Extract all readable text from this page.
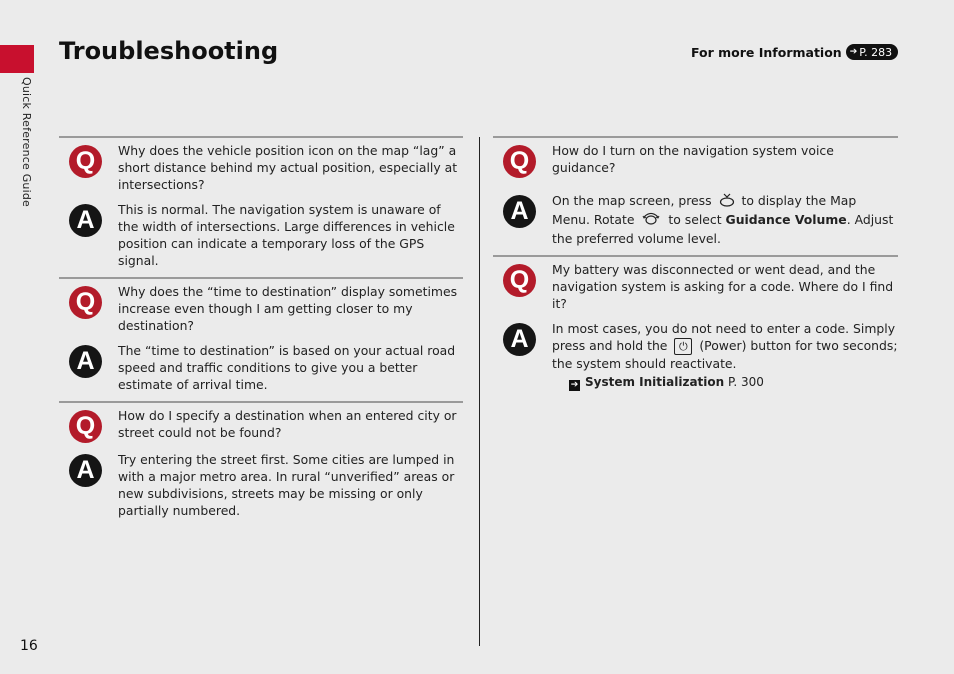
Quick Reference Guide
Troubleshooting	For more Information ➔ P. 283
Q	Why does the vehicle position icon on the map “lag” a short distance behind my actual position, especially at intersections?
A	This is normal. The navigation system is unaware of the width of intersections. Large differences in vehicle position can indicate a temporary loss of the GPS signal.
Q	Why does the “time to destination” display sometimes increase even though I am getting closer to my destination?
A	The “time to destination” is based on your actual road speed and traffic conditions to give you a better estimate of arrival time.
Q	How do I specify a destination when an entered city or street could not be found?
A	Try entering the street first. Some cities are lumped in with a major metro area. In rural “unverified” areas or new subdivisions, streets may be missing or only partially numbered.
Q	How do I turn on the navigation system voice guidance?
A	On the map screen, press to display the Map Menu. Rotate	to select Guidance Volume. Adjust the preferred volume level.
Q	My battery was disconnected or went dead, and the navigation system is asking for a code. Where do I find it?
A	In most cases, you do not need to enter a code. Simply press and hold the ⏻ (Power) button for two seconds; the system should reactivate.
➔ System Initialization P. 300
16
